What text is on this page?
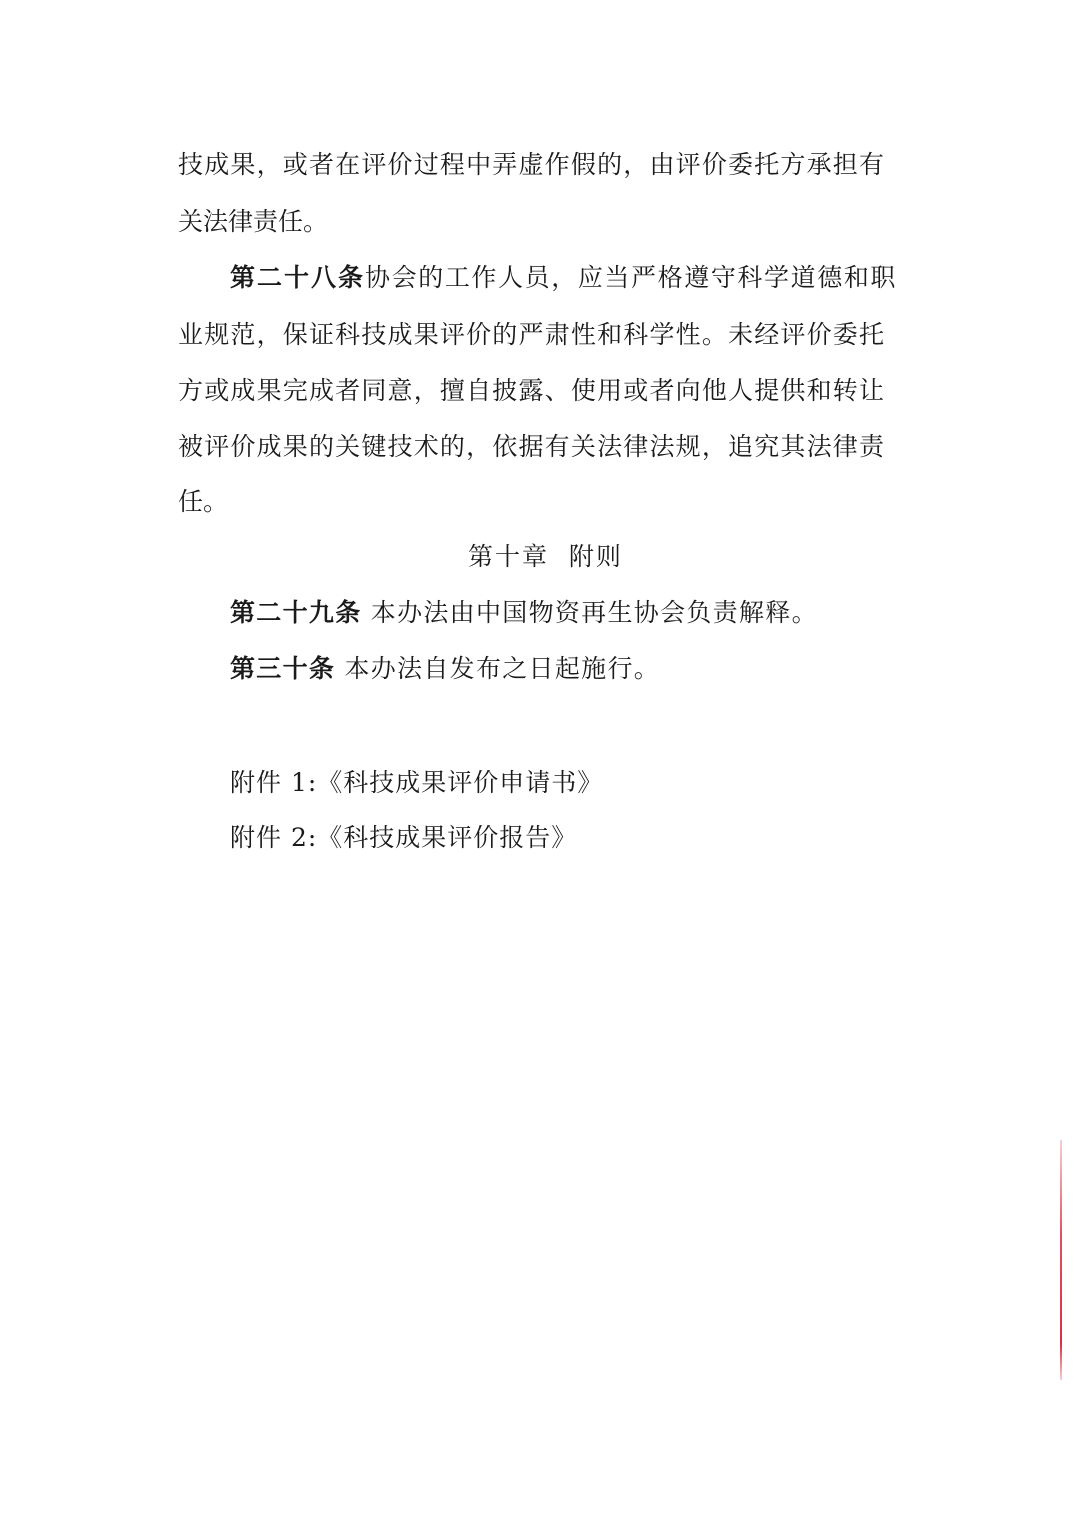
技成果，或者在评价过程中弄虚作假的，由评价委托方承担有
关法律责任。
第二十八条 协会的工作人员，应当严格遵守科学道德和职
业规范，保证科技成果评价的严肃性和科学性。未经评价委托
方或成果完成者同意，擅自披露、使用或者向他人提供和转让
被评价成果的关键技术的，依据有关法律法规，追究其法律责
任。
第十章  附则
第二十九条 本办法由中国物资再生协会负责解释。
第三十条 本办法自发布之日起施行。
附件 1:《科技成果评价申请书》
附件 2:《科技成果评价报告》
